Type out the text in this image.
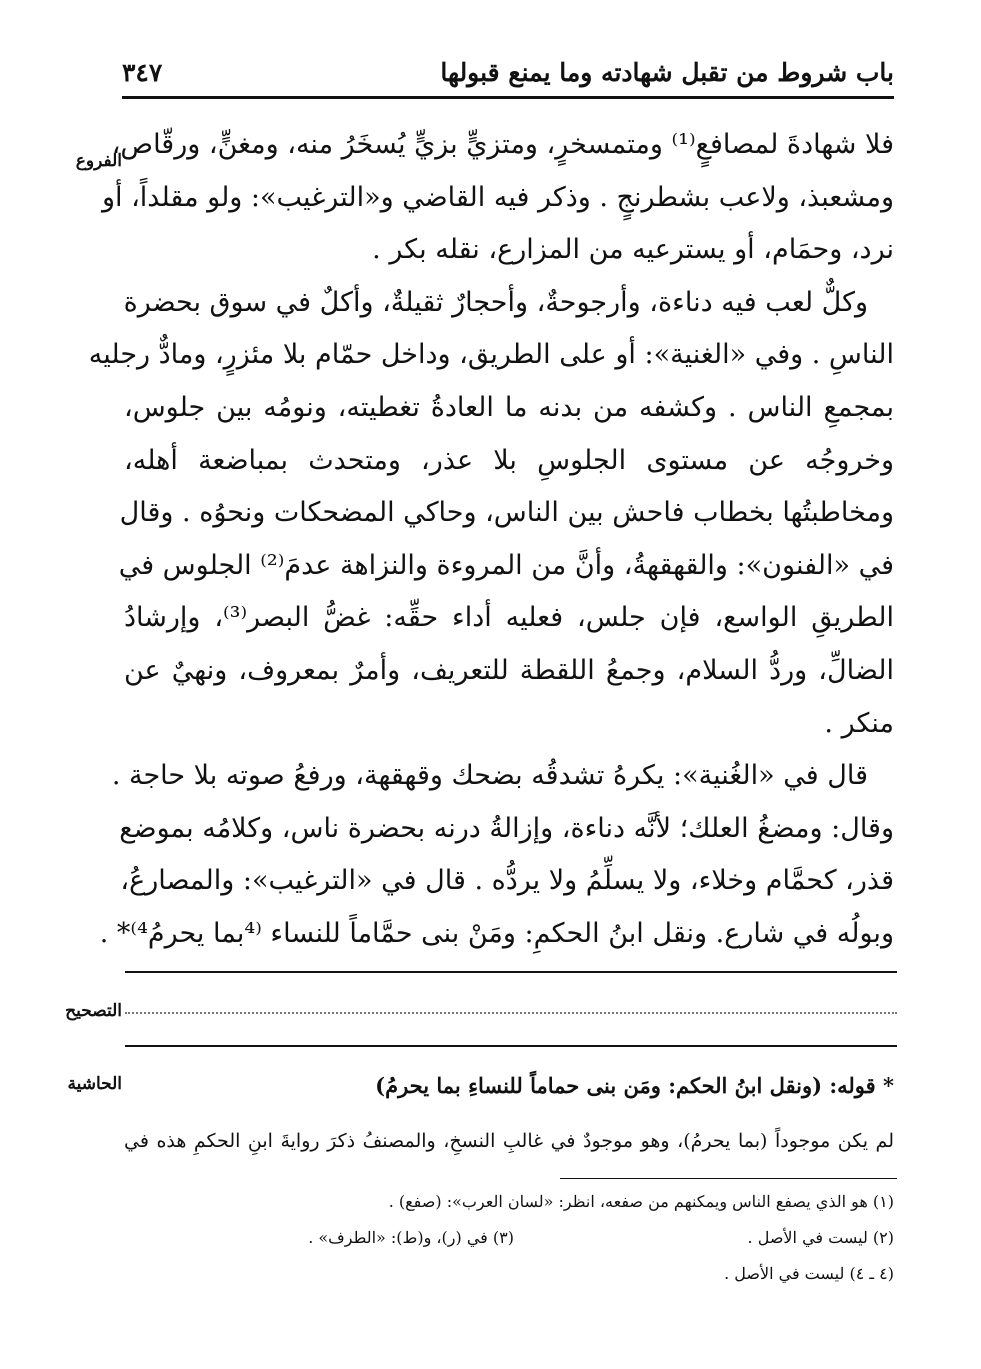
باب شروط من تقبل شهادته وما يمنع قبولها
٣٤٧
الفروع
فلا شهادةَ لمصافعٍ⁽¹⁾ ومتمسخرٍ، ومتزيٍّ بزيٍّ يُسخَرُ منه، ومغنٍّ، ورقّاص،
ومشعبذ، ولاعب بشطرنجٍ . وذكر فيه القاضي و«الترغيب»: ولو مقلداً، أو
نرد، وحمَام، أو يسترعيه من المزارع، نقله بكر .
وكلٌّ لعب فيه دناءة، وأرجوحةٌ، وأحجارٌ ثقيلةٌ، وأكلٌ في سوق بحضرة
الناسِ . وفي «الغنية»: أو على الطريق، وداخل حمّام بلا مئزرٍ، ومادٌّ رجليه
بمجمعِ الناس . وكشفه من بدنه ما العادةُ تغطيته، ونومُه بين جلوس،
وخروجُه عن مستوى الجلوسِ بلا عذر، ومتحدث بمباضعة أهله،
ومخاطبتُها بخطاب فاحش بين الناس، وحاكي المضحكات ونحوُه . وقال
في «الفنون»: والقهقهةُ، وأنَّ من المروءة والنزاهة عدمَ⁽²⁾ الجلوس في
الطريقِ الواسع، فإن جلس، فعليه أداء حقِّه: غضُّ البصر⁽³⁾، وإرشادُ
الضالِّ، وردُّ السلام، وجمعُ اللقطة للتعريف، وأمرٌ بمعروف، ونهيٌ عن
منكر .
قال في «الغُنية»: يكرهُ تشدقُه بضحك وقهقهة، ورفعُ صوته بلا حاجة .
وقال: ومضغُ العلك؛ لأنَّه دناءة، وإزالةُ درنه بحضرة ناس، وكلامُه بموضع
قذر، كحمَّام وخلاء، ولا يسلِّمُ ولا يردُّه . قال في «الترغيب»: والمصارعُ،
وبولُه في شارع. ونقل ابنُ الحكمِ: ومَنْ بنى حمَّاماً للنساء ⁽⁴بما يحرمُ⁴⁾* .
التصحيح
الحاشية	* قوله: (ونقل ابنُ الحكم: ومَن بنى حماماً للنساءِ بما يحرمُ)
لم يكن موجوداً (بما يحرمُ)، وهو موجودٌ في غالبِ النسخِ، والمصنفُ ذكرَ روايةَ ابنِ الحكمِ هذه في
(١) هو الذي يصفع الناس ويمكنهم من صفعه، انظر: «لسان العرب»: (صفع) .
(٢) ليست في الأصل .
(٣) في (ر)، و(ط): «الطرف» .
(٤ ـ ٤) ليست في الأصل .
